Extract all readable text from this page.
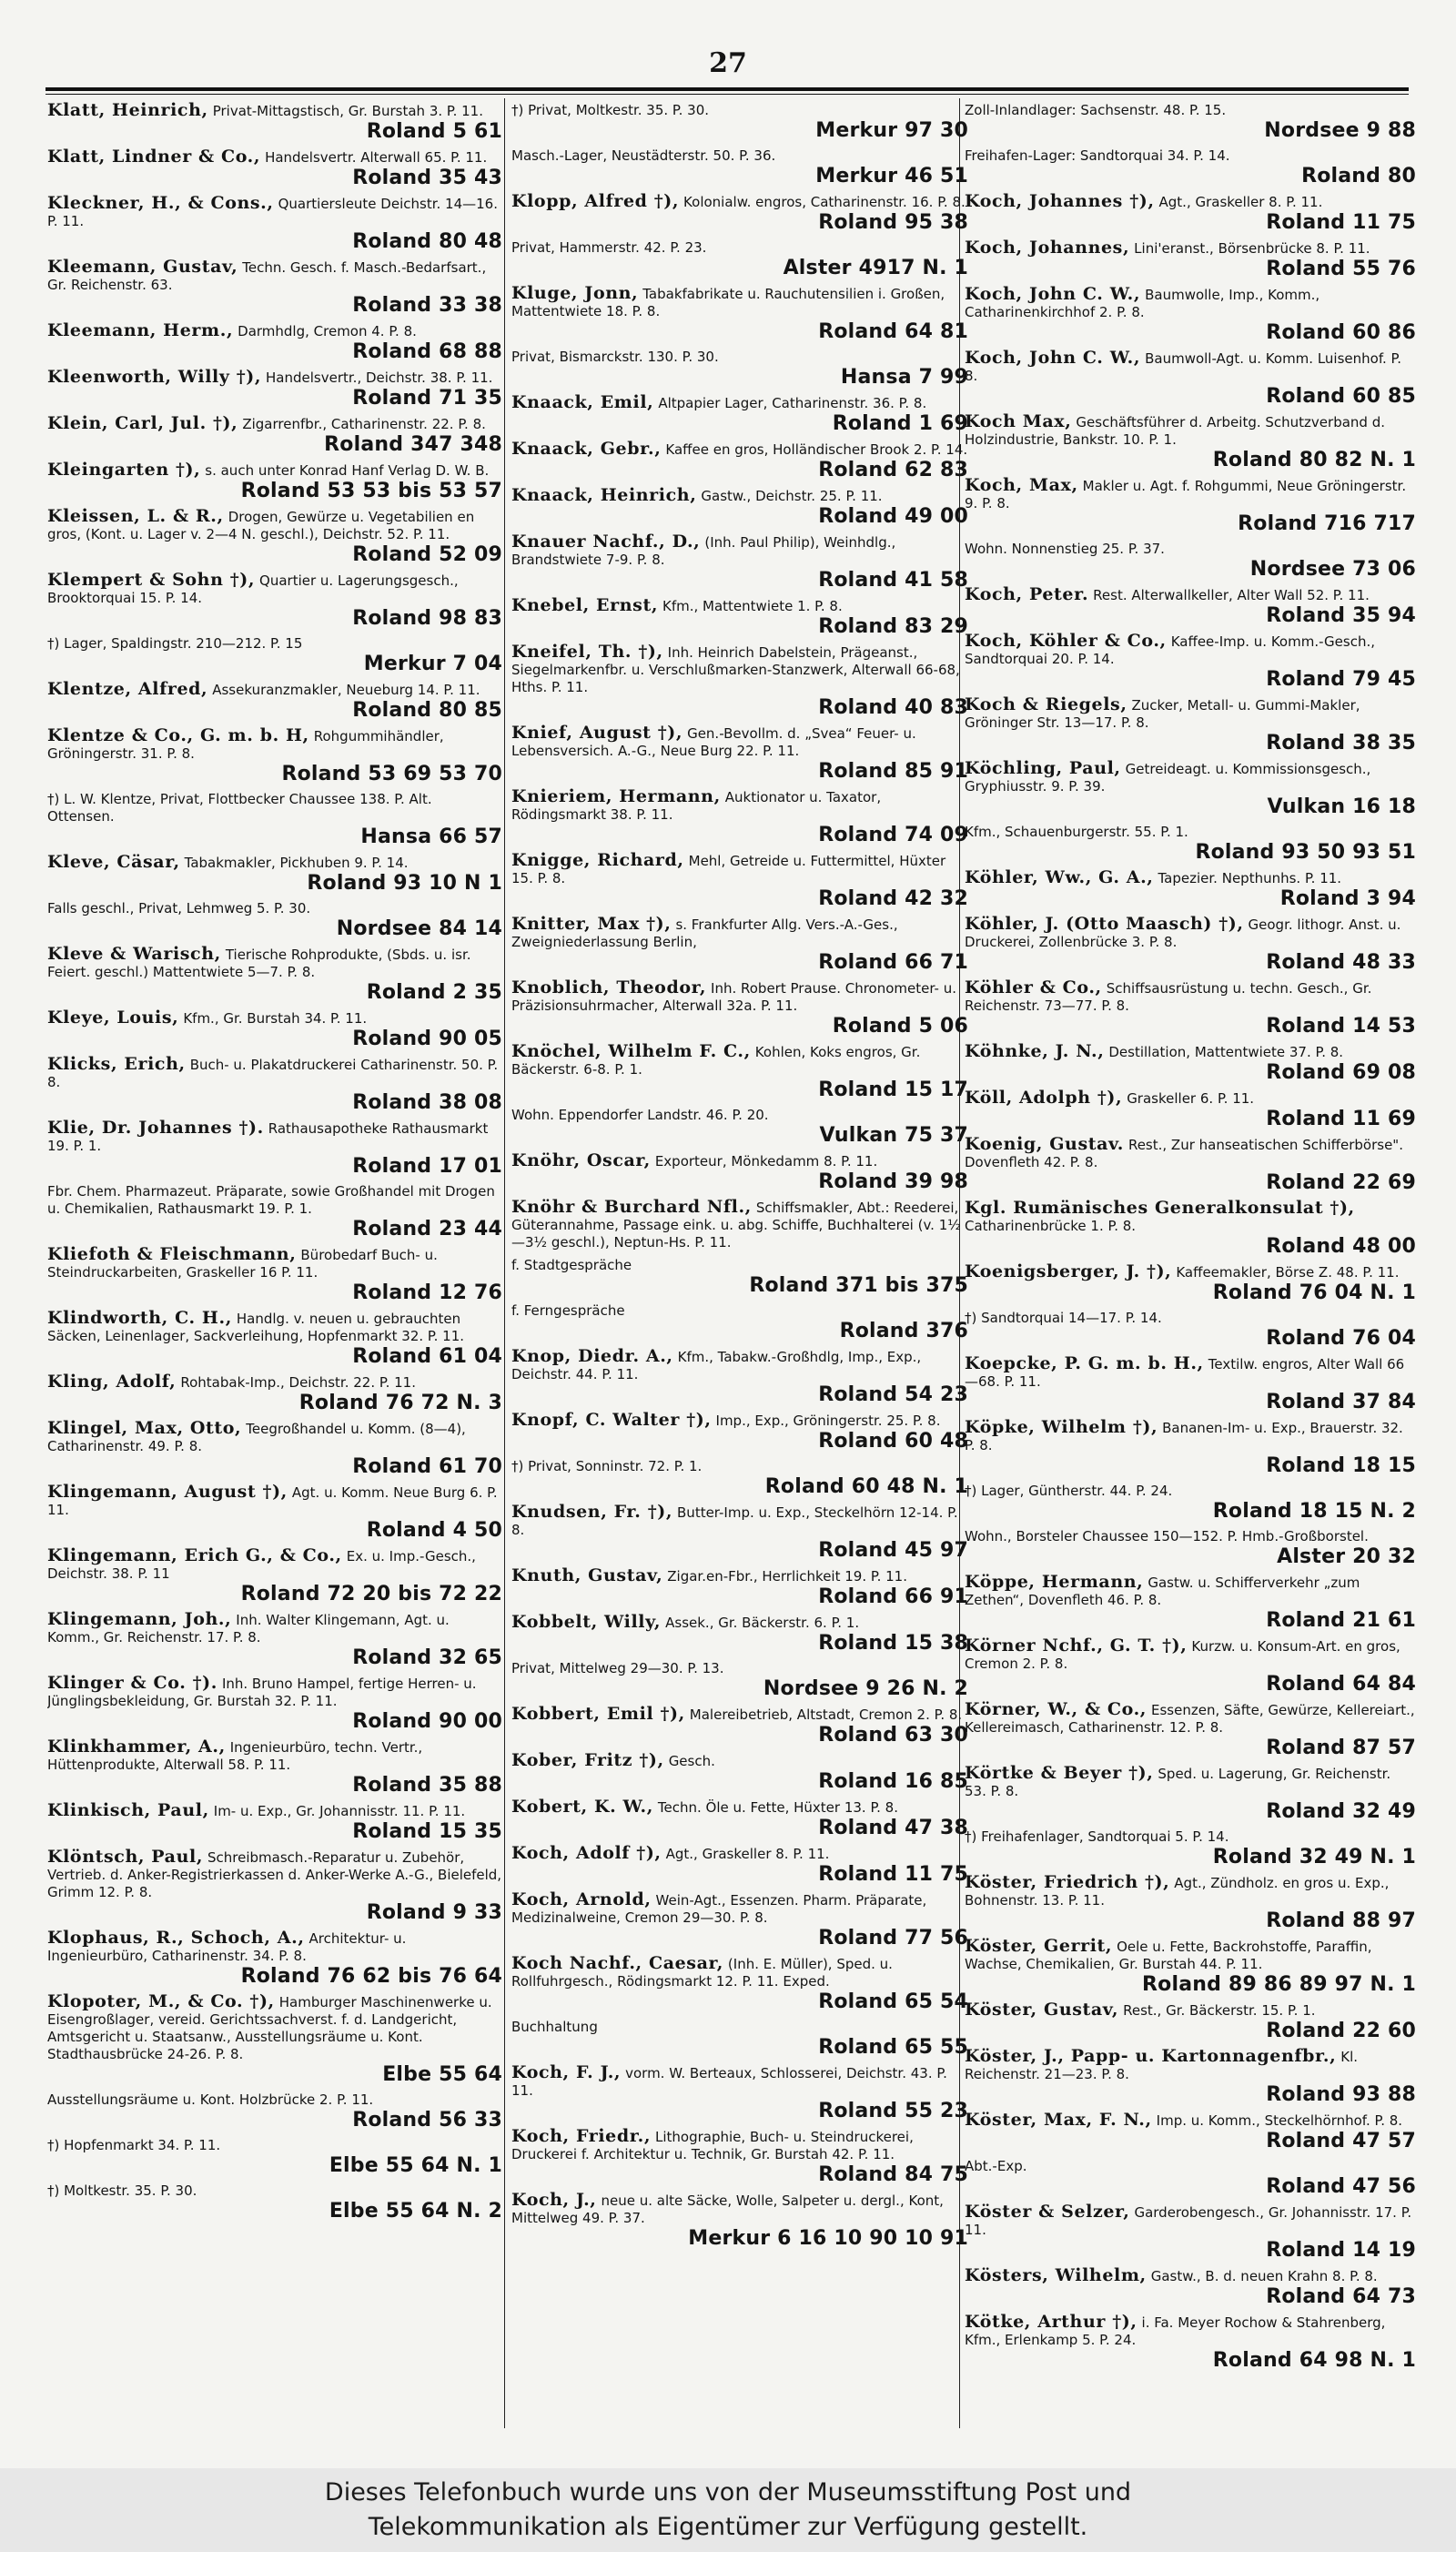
27

Klatt, Heinrich, Privat-Mittagstisch, Gr. Burstah 3. P. 11.

Roland 5 61

Klatt, Lindner & Co., Handelsvertr. Alterwall 65. P. 11.

Roland 35 43

Kleckner, H., & Cons., Quartiersleute Deichstr. 14—16. P. 11.

Roland 80 48

Kleemann, Gustav, Techn. Gesch. f. Masch.-Bedarfsart., Gr. Reichenstr. 63.

Roland 33 38

Kleemann, Herm., Darmhdlg, Cremon 4. P. 8.

Roland 68 88

Kleenworth, Willy †), Handelsvertr., Deichstr. 38. P. 11.

Roland 71 35

Klein, Carl, Jul. †), Zigarrenfbr., Catharinenstr. 22. P. 8.

Roland 347 348

Kleingarten †), s. auch unter Konrad Hanf Verlag D. W. B.

Roland 53 53 bis 53 57

Kleissen, L. & R., Drogen, Gewürze u. Vegetabilien en gros, (Kont. u. Lager v. 2—4 N. geschl.), Deichstr. 52. P. 11.

Roland 52 09

Klempert & Sohn †), Quartier u. Lagerungsgesch., Brooktorquai 15. P. 14.

Roland 98 83

†) Lager, Spaldingstr. 210—212. P. 15

Merkur 7 04

Klentze, Alfred, Assekuranzmakler, Neueburg 14. P. 11.

Roland 80 85

Klentze & Co., G. m. b. H, Rohgummihändler, Gröningerstr. 31. P. 8.

Roland 53 69 53 70

†) L. W. Klentze, Privat, Flottbecker Chaussee 138. P. Alt. Ottensen.

Hansa 66 57

Kleve, Cäsar, Tabakmakler, Pickhuben 9. P. 14.

Roland 93 10 N 1

Falls geschl., Privat, Lehmweg 5. P. 30.

Nordsee 84 14

Kleve & Warisch, Tierische Rohprodukte, (Sbds. u. isr. Feiert. geschl.) Mattentwiete 5—7. P. 8.

Roland 2 35

Kleye, Louis, Kfm., Gr. Burstah 34. P. 11.

Roland 90 05

Klicks, Erich, Buch- u. Plakatdruckerei Catharinenstr. 50. P. 8.

Roland 38 08

Klie, Dr. Johannes †). Rathausapotheke Rathausmarkt 19. P. 1.

Roland 17 01

Fbr. Chem. Pharmazeut. Präparate, sowie Großhandel mit Drogen u. Chemikalien, Rathausmarkt 19. P. 1.

Roland 23 44

Kliefoth & Fleischmann, Bürobedarf Buch- u. Steindruckarbeiten, Graskeller 16 P. 11.

Roland 12 76

Klindworth, C. H., Handlg. v. neuen u. gebrauchten Säcken, Leinenlager, Sackverleihung, Hopfenmarkt 32. P. 11.

Roland 61 04

Kling, Adolf, Rohtabak-Imp., Deichstr. 22. P. 11.

Roland 76 72 N. 3

Klingel, Max, Otto, Teegroßhandel u. Komm. (8—4), Catharinenstr. 49. P. 8.

Roland 61 70

Klingemann, August †), Agt. u. Komm. Neue Burg 6. P. 11.

Roland 4 50

Klingemann, Erich G., & Co., Ex. u. Imp.-Gesch., Deichstr. 38. P. 11

Roland 72 20 bis 72 22

Klingemann, Joh., Inh. Walter Klingemann, Agt. u. Komm., Gr. Reichenstr. 17. P. 8.

Roland 32 65

Klinger & Co. †). Inh. Bruno Hampel, fertige Herren- u. Jünglingsbekleidung, Gr. Burstah 32. P. 11.

Roland 90 00

Klinkhammer, A., Ingenieurbüro, techn. Vertr., Hüttenprodukte, Alterwall 58. P. 11.

Roland 35 88

Klinkisch, Paul, Im- u. Exp., Gr. Johannisstr. 11. P. 11.

Roland 15 35

Klöntsch, Paul, Schreibmasch.-Reparatur u. Zubehör, Vertrieb. d. Anker-Registrierkassen d. Anker-Werke A.-G., Bielefeld, Grimm 12. P. 8.

Roland 9 33

Klophaus, R., Schoch, A., Architektur- u. Ingenieurbüro, Catharinenstr. 34. P. 8.

Roland 76 62 bis 76 64

Klopoter, M., & Co. †), Hamburger Maschinenwerke u. Eisengroßlager, vereid. Gerichtssachverst. f. d. Landgericht, Amtsgericht u. Staatsanw., Ausstellungsräume u. Kont. Stadthausbrücke 24-26. P. 8.

Elbe 55 64

Ausstellungsräume u. Kont. Holzbrücke 2. P. 11.

Roland 56 33

†) Hopfenmarkt 34. P. 11.

Elbe 55 64 N. 1

†) Moltkestr. 35. P. 30.

Elbe 55 64 N. 2

†) Privat, Moltkestr. 35. P. 30.

Merkur 97 30

Masch.-Lager, Neustädterstr. 50. P. 36.

Merkur 46 51

Klopp, Alfred †), Kolonialw. engros, Catharinenstr. 16. P. 8.

Roland 95 38

Privat, Hammerstr. 42. P. 23.

Alster 4917 N. 1

Kluge, Jonn, Tabakfabrikate u. Rauchutensilien i. Großen, Mattentwiete 18. P. 8.

Roland 64 81

Privat, Bismarckstr. 130. P. 30.

Hansa 7 99

Knaack, Emil, Altpapier Lager, Catharinenstr. 36. P. 8.

Roland 1 69

Knaack, Gebr., Kaffee en gros, Holländischer Brook 2. P. 14.

Roland 62 83

Knaack, Heinrich, Gastw., Deichstr. 25. P. 11.

Roland 49 00

Knauer Nachf., D., (Inh. Paul Philip), Weinhdlg., Brandstwiete 7-9. P. 8.

Roland 41 58

Knebel, Ernst, Kfm., Mattentwiete 1. P. 8.

Roland 83 29

Kneifel, Th. †), Inh. Heinrich Dabelstein, Prägeanst., Siegelmarkenfbr. u. Verschlußmarken-Stanzwerk, Alterwall 66-68, Hths. P. 11.

Roland 40 83

Knief, August †), Gen.-Bevollm. d. „Svea“ Feuer- u. Lebensversich. A.-G., Neue Burg 22. P. 11.

Roland 85 91

Knieriem, Hermann, Auktionator u. Taxator, Rödingsmarkt 38. P. 11.

Roland 74 09

Knigge, Richard, Mehl, Getreide u. Futtermittel, Hüxter 15. P. 8.

Roland 42 32

Knitter, Max †), s. Frankfurter Allg. Vers.-A.-Ges., Zweigniederlassung Berlin,

Roland 66 71

Knoblich, Theodor, Inh. Robert Prause. Chronometer- u. Präzisionsuhrmacher, Alterwall 32a. P. 11.

Roland 5 06

Knöchel, Wilhelm F. C., Kohlen, Koks engros, Gr. Bäckerstr. 6-8. P. 1.

Roland 15 17

Wohn. Eppendorfer Landstr. 46. P. 20.

Vulkan 75 37

Knöhr, Oscar, Exporteur, Mönkedamm 8. P. 11.

Roland 39 98

Knöhr & Burchard Nfl., Schiffsmakler, Abt.: Reederei, Güterannahme, Passage eink. u. abg. Schiffe, Buchhalterei (v. 1½—3½ geschl.), Neptun-Hs. P. 11.

f. Stadtgespräche

Roland 371 bis 375

f. Ferngespräche

Roland 376

Knop, Diedr. A., Kfm., Tabakw.-Großhdlg, Imp., Exp., Deichstr. 44. P. 11.

Roland 54 23

Knopf, C. Walter †), Imp., Exp., Gröningerstr. 25. P. 8.

Roland 60 48

†) Privat, Sonninstr. 72. P. 1.

Roland 60 48 N. 1

Knudsen, Fr. †), Butter-Imp. u. Exp., Steckelhörn 12-14. P. 8.

Roland 45 97

Knuth, Gustav, Zigar.en-Fbr., Herrlichkeit 19. P. 11.

Roland 66 91

Kobbelt, Willy, Assek., Gr. Bäckerstr. 6. P. 1.

Roland 15 38

Privat, Mittelweg 29—30. P. 13.

Nordsee 9 26 N. 2

Kobbert, Emil †), Malereibetrieb, Altstadt, Cremon 2. P. 8.

Roland 63 30

Kober, Fritz †), Gesch.

Roland 16 85

Kobert, K. W., Techn. Öle u. Fette, Hüxter 13. P. 8.

Roland 47 38

Koch, Adolf †), Agt., Graskeller 8. P. 11.

Roland 11 75

Koch, Arnold, Wein-Agt., Essenzen. Pharm. Präparate, Medizinalweine, Cremon 29—30. P. 8.

Roland 77 56

Koch Nachf., Caesar, (Inh. E. Müller), Sped. u. Rollfuhrgesch., Rödingsmarkt 12. P. 11. Exped.

Roland 65 54

Buchhaltung

Roland 65 55

Koch, F. J., vorm. W. Berteaux, Schlosserei, Deichstr. 43. P. 11.

Roland 55 23

Koch, Friedr., Lithographie, Buch- u. Steindruckerei, Druckerei f. Architektur u. Technik, Gr. Burstah 42. P. 11.

Roland 84 75

Koch, J., neue u. alte Säcke, Wolle, Salpeter u. dergl., Kont, Mittelweg 49. P. 37.

Merkur 6 16 10 90 10 91

Zoll-Inlandlager: Sachsenstr. 48. P. 15.

Nordsee 9 88

Freihafen-Lager: Sandtorquai 34. P. 14.

Roland 80

Koch, Johannes †), Agt., Graskeller 8. P. 11.

Roland 11 75

Koch, Johannes, Lini'eranst., Börsenbrücke 8. P. 11.

Roland 55 76

Koch, John C. W., Baumwolle, Imp., Komm., Catharinenkirchhof 2. P. 8.

Roland 60 86

Koch, John C. W., Baumwoll-Agt. u. Komm. Luisenhof. P. 8.

Roland 60 85

Koch Max, Geschäftsführer d. Arbeitg. Schutzverband d. Holzindustrie, Bankstr. 10. P. 1.

Roland 80 82 N. 1

Koch, Max, Makler u. Agt. f. Rohgummi, Neue Gröningerstr. 9. P. 8.

Roland 716 717

Wohn. Nonnenstieg 25. P. 37.

Nordsee 73 06

Koch, Peter. Rest. Alterwallkeller, Alter Wall 52. P. 11.

Roland 35 94

Koch, Köhler & Co., Kaffee-Imp. u. Komm.-Gesch., Sandtorquai 20. P. 14.

Roland 79 45

Koch & Riegels, Zucker, Metall- u. Gummi-Makler, Gröninger Str. 13—17. P. 8.

Roland 38 35

Köchling, Paul, Getreideagt. u. Kommissionsgesch., Gryphiusstr. 9. P. 39.

Vulkan 16 18

Kfm., Schauenburgerstr. 55. P. 1.

Roland 93 50 93 51

Köhler, Ww., G. A., Tapezier. Nepthunhs. P. 11.

Roland 3 94

Köhler, J. (Otto Maasch) †), Geogr. lithogr. Anst. u. Druckerei, Zollenbrücke 3. P. 8.

Roland 48 33

Köhler & Co., Schiffsausrüstung u. techn. Gesch., Gr. Reichenstr. 73—77. P. 8.

Roland 14 53

Köhnke, J. N., Destillation, Mattentwiete 37. P. 8.

Roland 69 08

Köll, Adolph †), Graskeller 6. P. 11.

Roland 11 69

Koenig, Gustav. Rest., Zur hanseatischen Schifferbörse". Dovenfleth 42. P. 8.

Roland 22 69

Kgl. Rumänisches Generalkonsulat †), Catharinenbrücke 1. P. 8.

Roland 48 00

Koenigsberger, J. †), Kaffeemakler, Börse Z. 48. P. 11.

Roland 76 04 N. 1

†) Sandtorquai 14—17. P. 14.

Roland 76 04

Koepcke, P. G. m. b. H., Textilw. engros, Alter Wall 66—68. P. 11.

Roland 37 84

Köpke, Wilhelm †), Bananen-Im- u. Exp., Brauerstr. 32. P. 8.

Roland 18 15

†) Lager, Güntherstr. 44. P. 24.

Roland 18 15 N. 2

Wohn., Borsteler Chaussee 150—152. P. Hmb.-Großborstel.

Alster 20 32

Köppe, Hermann, Gastw. u. Schifferverkehr „zum Zethen“, Dovenfleth 46. P. 8.

Roland 21 61

Körner Nchf., G. T. †), Kurzw. u. Konsum-Art. en gros, Cremon 2. P. 8.

Roland 64 84

Körner, W., & Co., Essenzen, Säfte, Gewürze, Kellereiart., Kellereimasch, Catharinenstr. 12. P. 8.

Roland 87 57

Körtke & Beyer †), Sped. u. Lagerung, Gr. Reichenstr. 53. P. 8.

Roland 32 49

†) Freihafenlager, Sandtorquai 5. P. 14.

Roland 32 49 N. 1

Köster, Friedrich †), Agt., Zündholz. en gros u. Exp., Bohnenstr. 13. P. 11.

Roland 88 97

Köster, Gerrit, Oele u. Fette, Backrohstoffe, Paraffin, Wachse, Chemikalien, Gr. Burstah 44. P. 11.

Roland 89 86 89 97 N. 1

Köster, Gustav, Rest., Gr. Bäckerstr. 15. P. 1.

Roland 22 60

Köster, J., Papp- u. Kartonnagenfbr., Kl. Reichenstr. 21—23. P. 8.

Roland 93 88

Köster, Max, F. N., Imp. u. Komm., Steckelhörnhof. P. 8.

Roland 47 57

Abt.-Exp.

Roland 47 56

Köster & Selzer, Garderobengesch., Gr. Johannisstr. 17. P. 11.

Roland 14 19

Kösters, Wilhelm, Gastw., B. d. neuen Krahn 8. P. 8.

Roland 64 73

Kötke, Arthur †), i. Fa. Meyer Rochow & Stahrenberg, Kfm., Erlenkamp 5. P. 24.

Roland 64 98 N. 1
Dieses Telefonbuch wurde uns von der Museumsstiftung Post und
Telekommunikation als Eigentümer zur Verfügung gestellt.
